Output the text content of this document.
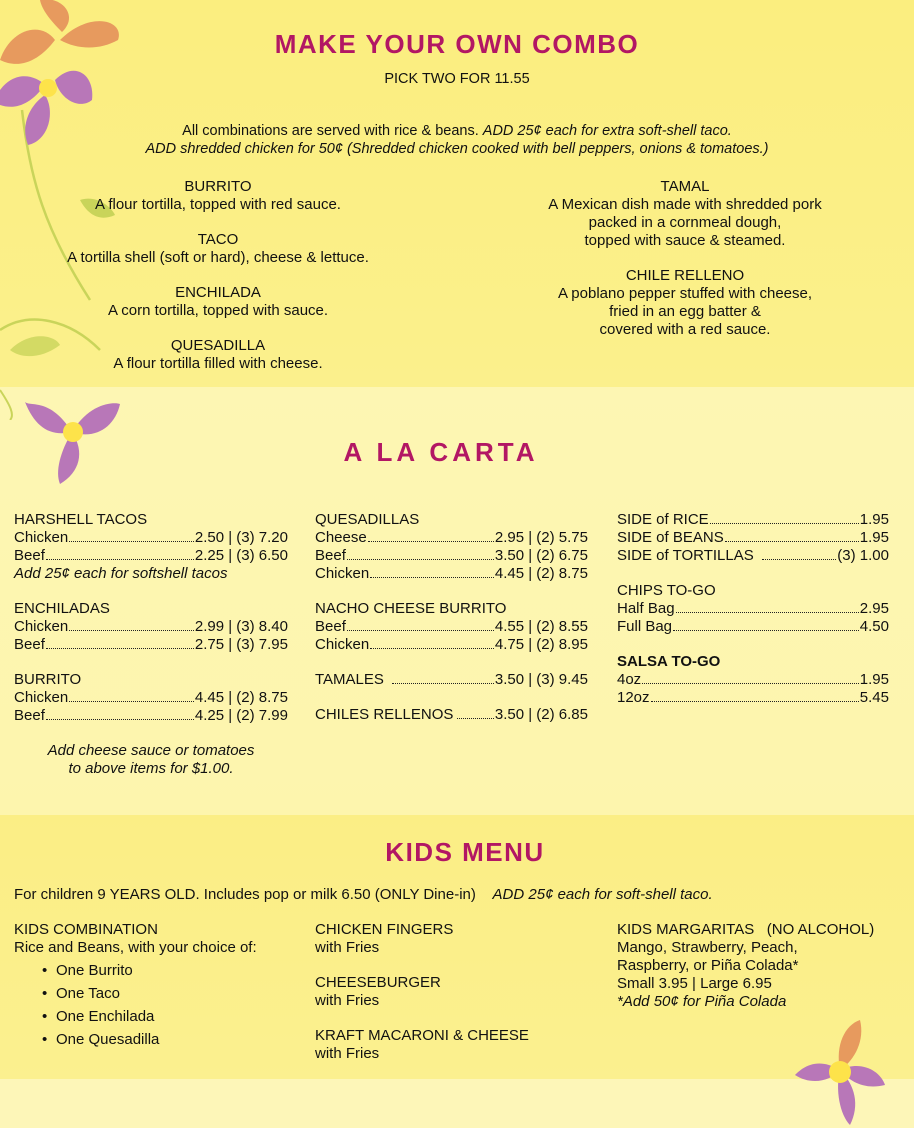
MAKE YOUR OWN COMBO
PICK TWO FOR 11.55
All combinations are served with rice & beans. ADD 25¢ each for extra soft-shell taco.
ADD shredded chicken for 50¢ (Shredded chicken cooked with bell peppers, onions & tomatoes.)
BURRITO
A flour tortilla, topped with red sauce.
TACO
A tortilla shell (soft or hard), cheese & lettuce.
ENCHILADA
A corn tortilla, topped with sauce.
QUESADILLA
A flour tortilla filled with cheese.
TAMAL
A Mexican dish made with shredded pork
packed in a cornmeal dough,
topped with sauce & steamed.
CHILE RELLENO
A poblano pepper stuffed with cheese,
fried in an egg batter &
covered with a red sauce.
A LA CARTA
HARSHELL TACOS
Chicken	2.50 | (3) 7.20
Beef	2.25 | (3) 6.50
Add 25¢ each for softshell tacos
ENCHILADAS
Chicken	2.99 | (3) 8.40
Beef	2.75 | (3) 7.95
BURRITO
Chicken	4.45 | (2) 8.75
Beef	4.25 | (2) 7.99
Add cheese sauce or tomatoes
to above items for $1.00.
QUESADILLAS
Cheese	2.95 | (2) 5.75
Beef	3.50 | (2) 6.75
Chicken	4.45 | (2) 8.75
NACHO CHEESE BURRITO
Beef	4.55 | (2) 8.55
Chicken	4.75 | (2) 8.95
TAMALES	3.50 | (3) 9.45
CHILES RELLENOS	3.50 | (2) 6.85
SIDE of RICE	1.95
SIDE of BEANS	1.95
SIDE of TORTILLAS	(3) 1.00
CHIPS TO-GO
Half Bag	2.95
Full Bag	4.50
SALSA TO-GO
4oz	1.95
12oz	5.45
KIDS MENU
For children 9 YEARS OLD. Includes pop or milk 6.50 (ONLY Dine-in) ADD 25¢ each for soft-shell taco.
KIDS COMBINATION
Rice and Beans, with your choice of:
• One Burrito
• One Taco
• One Enchilada
• One Quesadilla
CHICKEN FINGERS
with Fries
CHEESEBURGER
with Fries
KRAFT MACARONI & CHEESE
with Fries
KIDS MARGARITAS   (NO ALCOHOL)
Mango, Strawberry, Peach,
Raspberry, or Piña Colada*
Small 3.95 | Large 6.95
*Add 50¢ for Piña Colada
